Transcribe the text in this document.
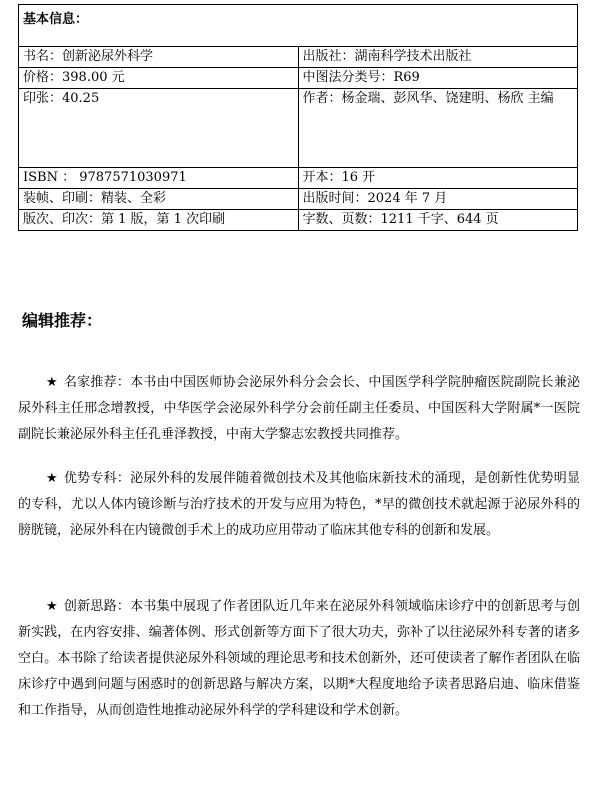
基本信息：	
书名：创新泌尿外科学	出版社：湖南科学技术出版社
价格：398.00 元	中图法分类号：R69
印张：40.25	作者：杨金瑞、彭风华、饶建明、杨欣 主编
ISBN ： 9787571030971	开本：16 开
装帧、印刷：精装、全彩	出版时间：2024 年 7 月
版次、印次：第 1 版，第 1 次印刷	字数、页数：1211 千字、644 页
编辑推荐：

★ 名家推荐：本书由中国医师协会泌尿外科分会会长、中国医学科学院肿瘤医院副院长兼泌尿外科主任邢念增教授，中华医学会泌尿外科学分会前任副主任委员、中国医科大学附属*一医院副院长兼泌尿外科主任孔垂泽教授，中南大学黎志宏教授共同推荐。

★ 优势专科：泌尿外科的发展伴随着微创技术及其他临床新技术的涌现，是创新性优势明显的专科，尤以人体内镜诊断与治疗技术的开发与应用为特色，*早的微创技术就起源于泌尿外科的膀胱镜，泌尿外科在内镜微创手术上的成功应用带动了临床其他专科的创新和发展。

★ 创新思路：本书集中展现了作者团队近几年来在泌尿外科领域临床诊疗中的创新思考与创新实践，在内容安排、编著体例、形式创新等方面下了很大功夫，弥补了以往泌尿外科专著的诸多空白。本书除了给读者提供泌尿外科领域的理论思考和技术创新外，还可使读者了解作者团队在临床诊疗中遇到问题与困惑时的创新思路与解决方案，以期*大程度地给予读者思路启迪、临床借鉴和工作指导，从而创造性地推动泌尿外科学的学科建设和学术创新。
